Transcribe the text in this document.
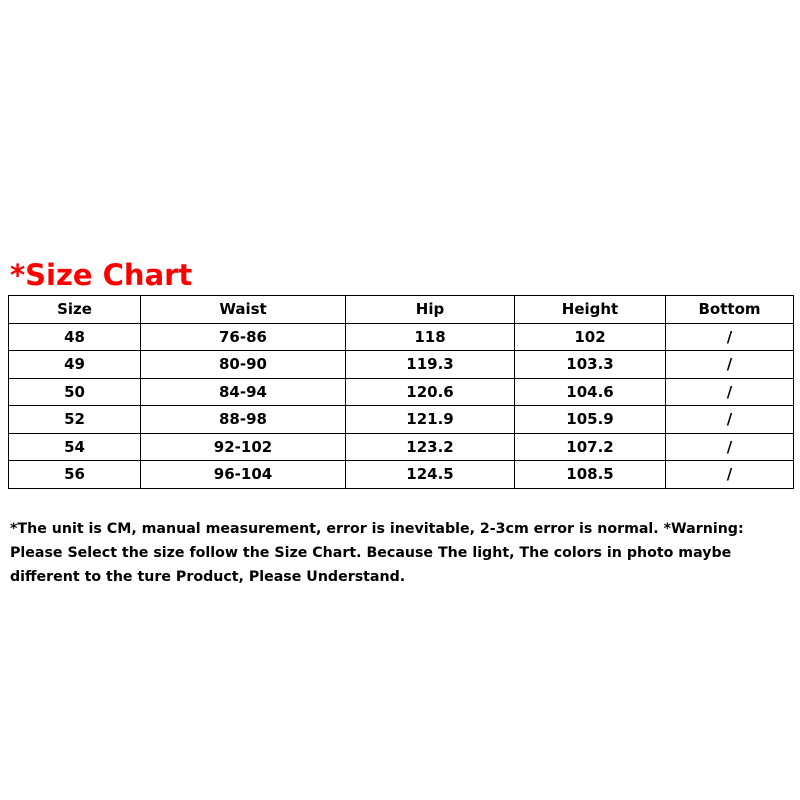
*Size Chart
Size	Waist	Hip	Height	Bottom
48	76-86	118	102	/
49	80-90	119.3	103.3	/
50	84-94	120.6	104.6	/
52	88-98	121.9	105.9	/
54	92-102	123.2	107.2	/
56	96-104	124.5	108.5	/
*The unit is CM, manual measurement, error is inevitable, 2-3cm error is normal. *Warning:
Please Select the size follow the Size Chart. Because The light, The colors in photo maybe
different to the ture Product, Please Understand.
